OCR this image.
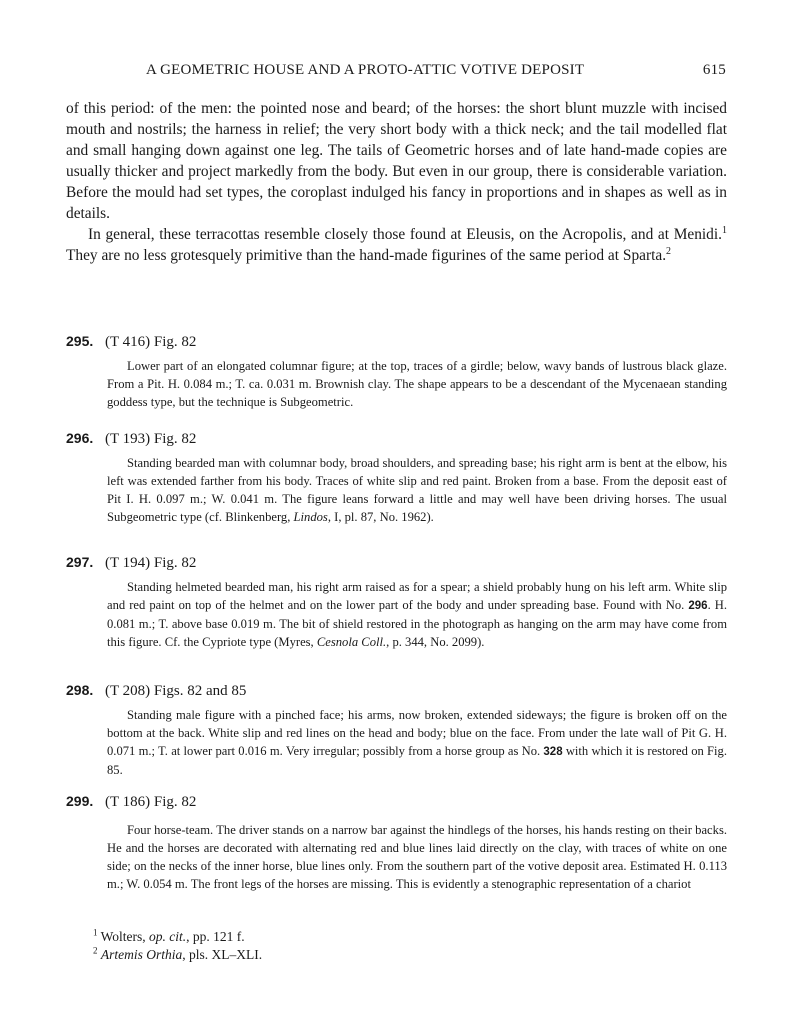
A GEOMETRIC HOUSE AND A PROTO-ATTIC VOTIVE DEPOSIT	615

of this period: of the men: the pointed nose and beard; of the horses: the short blunt muzzle with incised mouth and nostrils; the harness in relief; the very short body with a thick neck; and the tail modelled flat and small hanging down against one leg. The tails of Geometric horses and of late hand-made copies are usually thicker and project markedly from the body. But even in our group, there is considerable variation. Before the mould had set types, the coroplast indulged his fancy in proportions and in shapes as well as in details.

In general, these terracottas resemble closely those found at Eleusis, on the Acropolis, and at Menidi.$^1$ They are no less grotesquely primitive than the hand-made figurines of the same period at Sparta.$^2$

295. (T 416) Fig. 82
Lower part of an elongated columnar figure; at the top, traces of a girdle; below, wavy bands of lustrous black glaze. From a Pit. H. 0.084 m.; T. ca. 0.031 m. Brownish clay. The shape appears to be a descendant of the Mycenaean standing goddess type, but the technique is Subgeometric.
296. (T 193) Fig. 82
Standing bearded man with columnar body, broad shoulders, and spreading base; his right arm is bent at the elbow, his left was extended farther from his body. Traces of white slip and red paint. Broken from a base. From the deposit east of Pit I. H. 0.097 m.; W. 0.041 m. The figure leans forward a little and may well have been driving horses. The usual Subgeometric type (cf. Blinkenberg, Lindos, I, pl. 87, No. 1962).
297. (T 194) Fig. 82
Standing helmeted bearded man, his right arm raised as for a spear; a shield probably hung on his left arm. White slip and red paint on top of the helmet and on the lower part of the body and under spreading base. Found with No. 296. H. 0.081 m.; T. above base 0.019 m. The bit of shield restored in the photograph as hanging on the arm may have come from this figure. Cf. the Cypriote type (Myres, Cesnola Coll., p. 344, No. 2099).
298. (T 208) Figs. 82 and 85
Standing male figure with a pinched face; his arms, now broken, extended sideways; the figure is broken off on the bottom at the back. White slip and red lines on the head and body; blue on the face. From under the late wall of Pit G. H. 0.071 m.; T. at lower part 0.016 m. Very irregular; possibly from a horse group as No. 328 with which it is restored on Fig. 85.
299. (T 186) Fig. 82
Four horse-team. The driver stands on a narrow bar against the hindlegs of the horses, his hands resting on their backs. He and the horses are decorated with alternating red and blue lines laid directly on the clay, with traces of white on one side; on the necks of the inner horse, blue lines only. From the southern part of the votive deposit area. Estimated H. 0.113 m.; W. 0.054 m. The front legs of the horses are missing. This is evidently a stenographic representation of a chariot
$^1$ Wolters, op. cit., pp. 121 f.
$^2$ Artemis Orthia, pls. XL–XLI.
